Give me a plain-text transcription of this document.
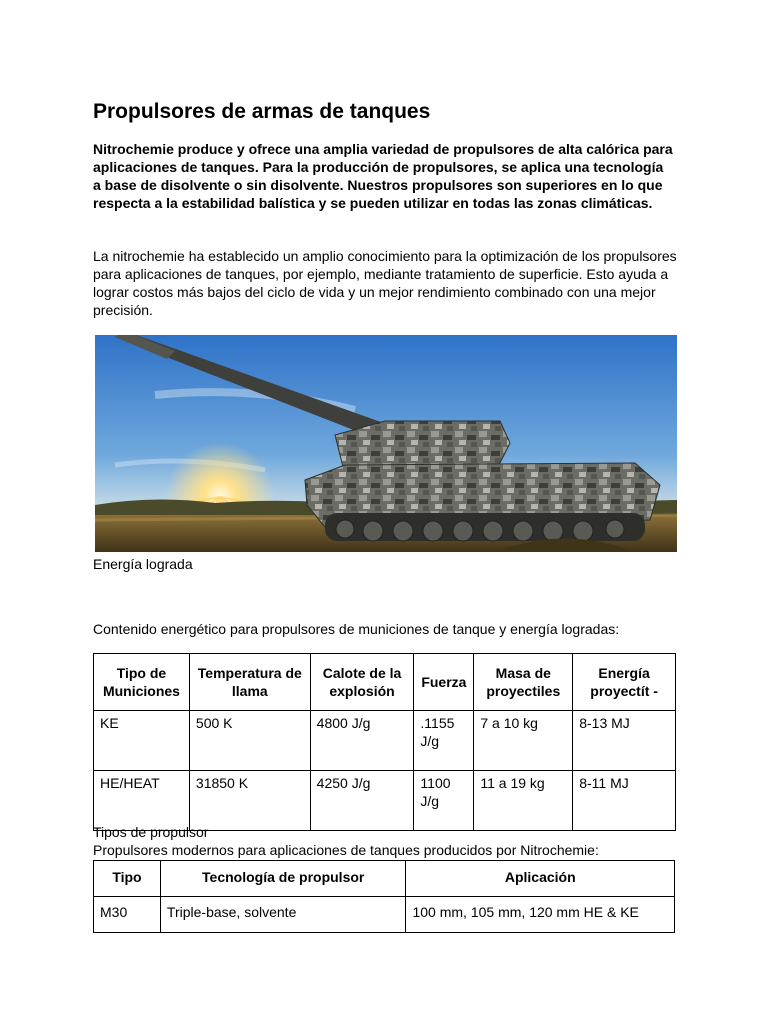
Propulsores de armas de tanques

Nitrochemie produce y ofrece una amplia variedad de propulsores de alta calórica para aplicaciones de tanques. Para la producción de propulsores, se aplica una tecnología a base de disolvente o sin disolvente. Nuestros propulsores son superiores en lo que respecta a la estabilidad balística y se pueden utilizar en todas las zonas climáticas.

La nitrochemie ha establecido un amplio conocimiento para la optimización de los propulsores para aplicaciones de tanques, por ejemplo, mediante tratamiento de superficie. Esto ayuda a lograr costos más bajos del ciclo de vida y un mejor rendimiento combinado con una mejor precisión.

Energía lograda

Contenido energético para propulsores de municiones de tanque y energía logradas:

Tipo de Municiones	Temperatura de llama	Calote de la explosión	Fuerza	Masa de proyectiles	Energía proyectít -
KE	500 K	4800 J/g	.1155 J/g	7 a 10 kg	8-13 MJ
HE/HEAT	31850 K	4250 J/g	1100 J/g	11 a 19 kg	8-11 MJ

Tipos de propulsor

Propulsores modernos para aplicaciones de tanques producidos por Nitrochemie:

Tipo	Tecnología de propulsor	Aplicación
M30	Triple-base, solvente	100 mm, 105 mm, 120 mm HE & KE
